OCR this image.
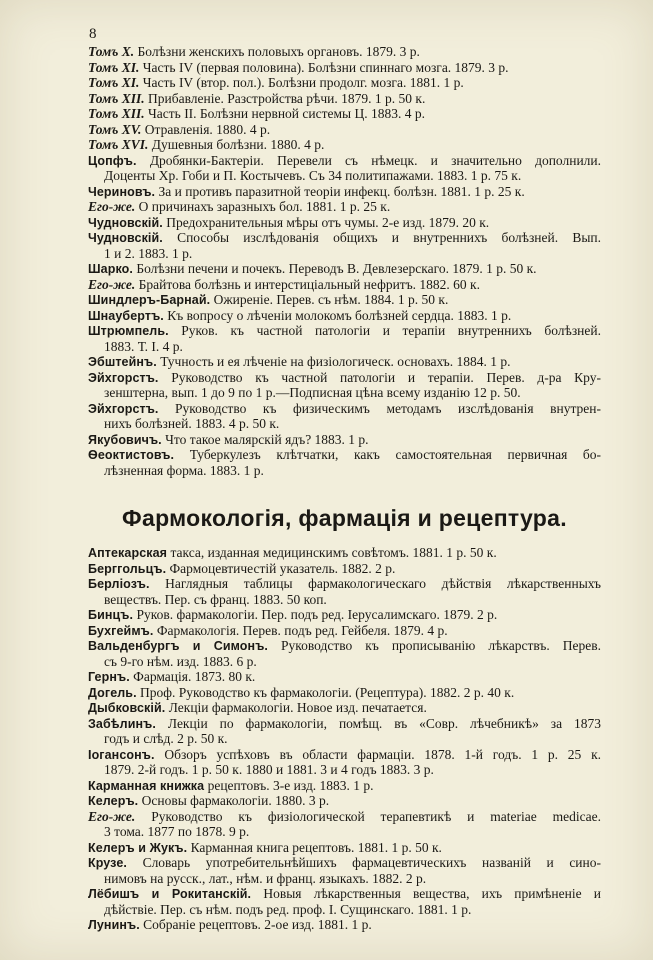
8
Томъ X. Болѣзни женскихъ половыхъ органовъ. 1879. 3 р.
Томъ XI. Часть IV (первая половина). Болѣзни спиннаго мозга. 1879. 3 р.
Томъ XI. Часть IV (втор. пол.). Болѣзни продолг. мозга. 1881. 1 р.
Томъ XII. Прибавленіе. Разстройства рѣчи. 1879. 1 р. 50 к.
Томъ XII. Часть II. Болѣзни нервной системы Ц. 1883. 4 р.
Томъ XV. Отравленія. 1880. 4 р.
Томъ XVI. Душевныя болѣзни. 1880. 4 р.
Цопфъ. Дробянки-Бактеріи. Перевели съ нѣмецк. и значительно дополнили.
Доценты Хр. Гоби и П. Костычевъ. Съ 34 политипажами. 1883. 1 р. 75 к.
Чериновъ. За и противъ паразитной теоріи инфекц. болѣзн. 1881. 1 р. 25 к.
Его-же. О причинахъ заразныхъ бол. 1881. 1 р. 25 к.
Чудновскій. Предохранительныя мѣры отъ чумы. 2-е изд. 1879. 20 к.
Чудновскій. Способы изслѣдованія общихъ и внутреннихъ болѣзней. Вып.
1 и 2. 1883. 1 р.
Шарко. Болѣзни печени и почекъ. Переводъ В. Девлезерскаго. 1879. 1 р. 50 к.
Его-же. Брайтова болѣзнь и интерстиціальный нефритъ. 1882. 60 к.
Шиндлеръ-Барнай. Ожиреніе. Перев. съ нѣм. 1884. 1 р. 50 к.
Шнаубертъ. Къ вопросу о лѣченіи молокомъ болѣзней сердца. 1883. 1 р.
Штрюмпель. Руков. къ частной патологіи и терапіи внутреннихъ болѣзней.
1883. Т. I. 4 р.
Эбштейнъ. Тучность и ея лѣченіе на физіологическ. основахъ. 1884. 1 р.
Эйхгорстъ. Руководство къ частной патологіи и терапіи. Перев. д-ра Кру-
зенштерна, вып. 1 до 9 по 1 р.—Подписная цѣна всему изданію 12 р. 50.
Эйхгорстъ. Руководство къ физическимъ методамъ изслѣдованія внутрен-
нихъ болѣзней. 1883. 4 р. 50 к.
Якубовичъ. Что такое малярскій ядъ? 1883. 1 р.
Ѳеоктистовъ. Туберкулезъ клѣтчатки, какъ самостоятельная первичная бо-
лѣзненная форма. 1883. 1 р.
Фармокологія, фармація и рецептура.
Аптекарская такса, изданная медицинскимъ совѣтомъ. 1881. 1 р. 50 к.
Берггольцъ. Фармоцевтичестій указатель. 1882. 2 р.
Берліозъ. Наглядныя таблицы фармакологическаго дѣйствія лѣкарственныхъ
веществъ. Пер. съ франц. 1883. 50 коп.
Бинцъ. Руков. фармакологіи. Пер. подъ ред. Іерусалимскаго. 1879. 2 р.
Бухгеймъ. Фармакологія. Перев. подъ ред. Гейбеля. 1879. 4 р.
Вальденбургъ и Симонъ. Руководство къ прописыванію лѣкарствъ. Перев.
съ 9-го нѣм. изд. 1883. 6 р.
Гернъ. Фармація. 1873. 80 к.
Догель. Проф. Руководство къ фармакологіи. (Рецептура). 1882. 2 р. 40 к.
Дыбковскій. Лекціи фармакологіи. Новое изд. печатается.
Забѣлинъ. Лекціи по фармакологіи, помѣщ. въ «Совр. лѣчебникѣ» за 1873
годъ и слѣд. 2 р. 50 к.
Іогансонъ. Обзоръ успѣховъ въ области фармаціи. 1878. 1-й годъ. 1 р. 25 к.
1879. 2-й годъ. 1 р. 50 к. 1880 и 1881. 3 и 4 годъ 1883. 3 р.
Карманная книжка рецептовъ. 3-е изд. 1883. 1 р.
Келеръ. Основы фармакологіи. 1880. 3 р.
Его-же. Руководство къ физіологической терапевтикѣ и materiae medicae.
3 тома. 1877 по 1878. 9 р.
Келеръ и Жукъ. Карманная книга рецептовъ. 1881. 1 р. 50 к.
Крузе. Словарь употребительнѣйшихъ фармацевтическихъ названій и сино-
нимовъ на русск., лат., нѣм. и франц. языкахъ. 1882. 2 р.
Лёбишъ и Рокитанскій. Новыя лѣкарственныя вещества, ихъ примѣненіе и
дѣйствіе. Пер. съ нѣм. подъ ред. проф. I. Сущинскаго. 1881. 1 р.
Лунинъ. Собраніе рецептовъ. 2-ое изд. 1881. 1 р.
